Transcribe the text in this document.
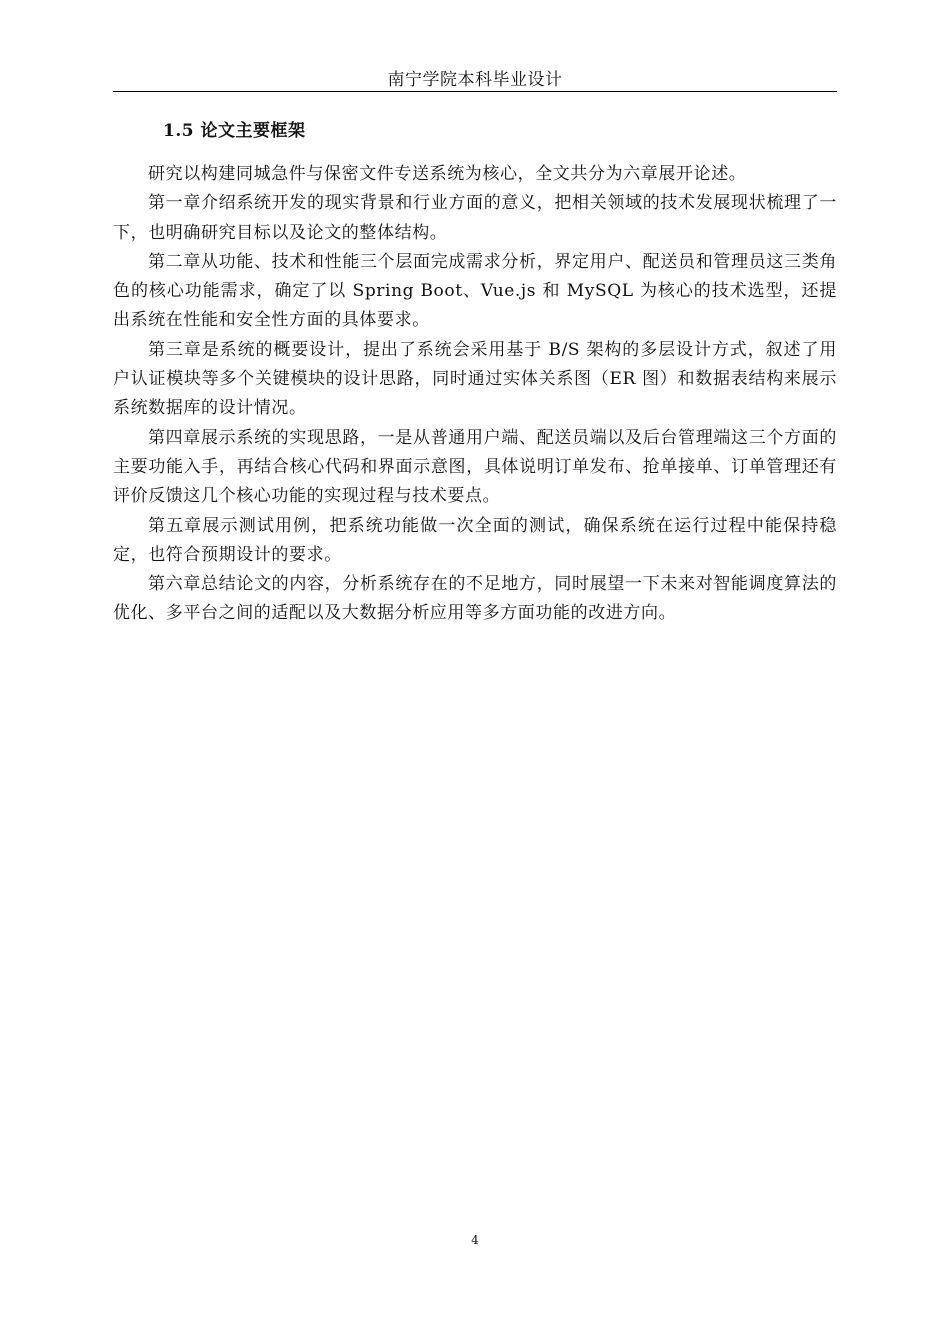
南宁学院本科毕业设计
1.5 论文主要框架

研究以构建同城急件与保密文件专送系统为核心，全文共分为六章展开论述。

第一章介绍系统开发的现实背景和行业方面的意义，把相关领域的技术发展现状梳理了一下，也明确研究目标以及论文的整体结构。

第二章从功能、技术和性能三个层面完成需求分析，界定用户、配送员和管理员这三类角色的核心功能需求，确定了以 Spring Boot、Vue.js 和 MySQL 为核心的技术选型，还提出系统在性能和安全性方面的具体要求。

第三章是系统的概要设计，提出了系统会采用基于 B/S 架构的多层设计方式，叙述了用户认证模块等多个关键模块的设计思路，同时通过实体关系图（ER 图）和数据表结构来展示系统数据库的设计情况。

第四章展示系统的实现思路，一是从普通用户端、配送员端以及后台管理端这三个方面的主要功能入手，再结合核心代码和界面示意图，具体说明订单发布、抢单接单、订单管理还有评价反馈这几个核心功能的实现过程与技术要点。

第五章展示测试用例，把系统功能做一次全面的测试，确保系统在运行过程中能保持稳定，也符合预期设计的要求。

第六章总结论文的内容，分析系统存在的不足地方，同时展望一下未来对智能调度算法的优化、多平台之间的适配以及大数据分析应用等多方面功能的改进方向。

4
